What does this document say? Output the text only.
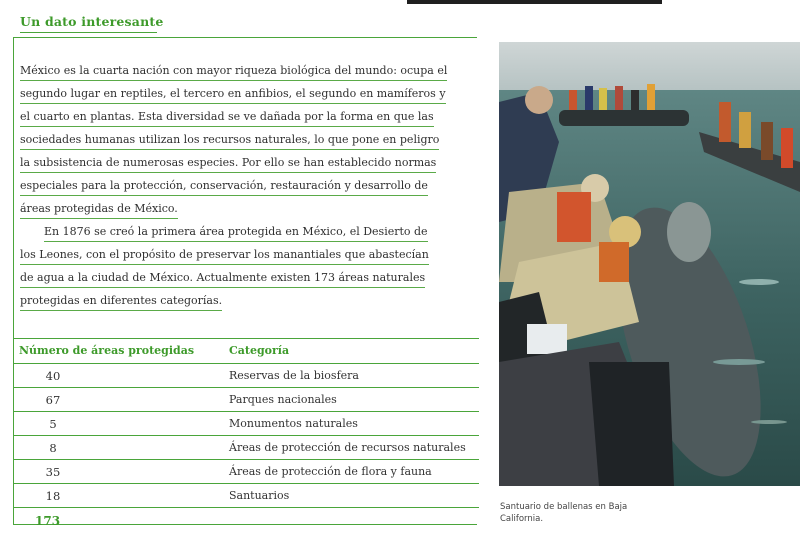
Un dato interesante
México es la cuarta nación con mayor riqueza biológica del mundo: ocupa el
segundo lugar en reptiles, el tercero en anfibios, el segundo en mamíferos y
el cuarto en plantas. Esta diversidad se ve dañada por la forma en que las
sociedades humanas utilizan los recursos naturales, lo que pone en peligro
la subsistencia de numerosas especies. Por ello se han establecido normas
especiales para la protección, conservación, restauración y desarrollo de
áreas protegidas de México.
En 1876 se creó la primera área protegida en México, el Desierto de
los Leones, con el propósito de preservar los manantiales que abastecían
de agua a la ciudad de México. Actualmente existen 173 áreas naturales
protegidas en diferentes categorías.
Número de áreas protegidas	Categoría
40	Reservas de la biosfera
67	Parques nacionales
5	Monumentos naturales
8	Áreas de protección de recursos naturales
35	Áreas de protección de flora y fauna
18	Santuarios
173
Santuario de ballenas en Baja California.
